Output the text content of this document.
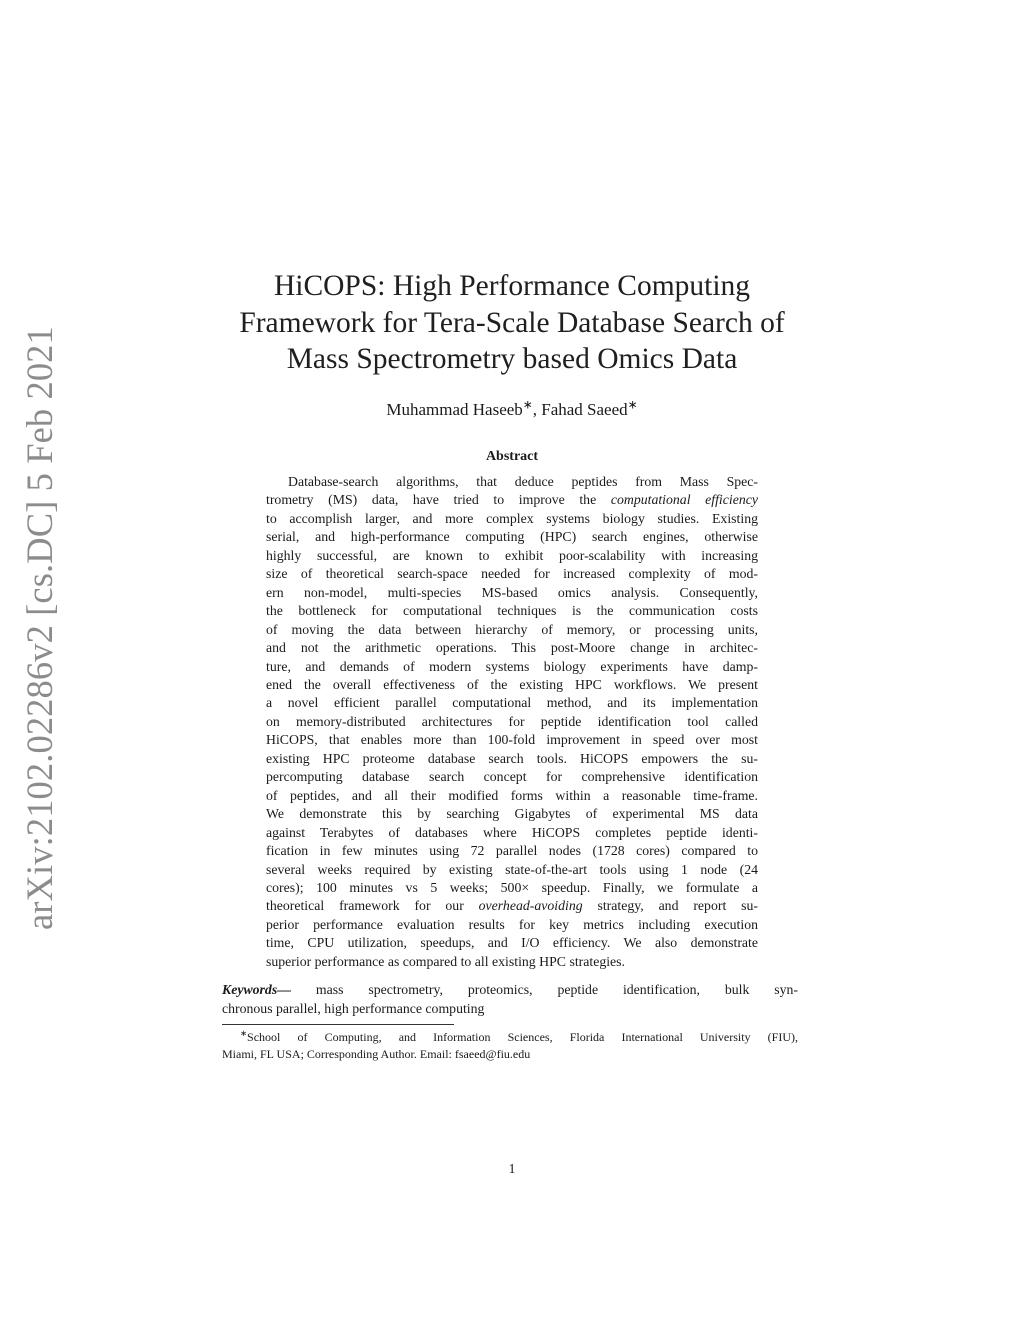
arXiv:2102.02286v2 [cs.DC] 5 Feb 2021
HiCOPS: High Performance Computing
Framework for Tera-Scale Database Search of
Mass Spectrometry based Omics Data
Muhammad Haseeb∗, Fahad Saeed∗
Abstract
Database-search algorithms, that deduce peptides from Mass Spec-
trometry (MS) data, have tried to improve the computational efficiency
to accomplish larger, and more complex systems biology studies. Existing
serial, and high-performance computing (HPC) search engines, otherwise
highly successful, are known to exhibit poor-scalability with increasing
size of theoretical search-space needed for increased complexity of mod-
ern non-model, multi-species MS-based omics analysis. Consequently,
the bottleneck for computational techniques is the communication costs
of moving the data between hierarchy of memory, or processing units,
and not the arithmetic operations. This post-Moore change in architec-
ture, and demands of modern systems biology experiments have damp-
ened the overall effectiveness of the existing HPC workflows. We present
a novel efficient parallel computational method, and its implementation
on memory-distributed architectures for peptide identification tool called
HiCOPS, that enables more than 100-fold improvement in speed over most
existing HPC proteome database search tools. HiCOPS empowers the su-
percomputing database search concept for comprehensive identification
of peptides, and all their modified forms within a reasonable time-frame.
We demonstrate this by searching Gigabytes of experimental MS data
against Terabytes of databases where HiCOPS completes peptide identi-
fication in few minutes using 72 parallel nodes (1728 cores) compared to
several weeks required by existing state-of-the-art tools using 1 node (24
cores); 100 minutes vs 5 weeks; 500× speedup. Finally, we formulate a
theoretical framework for our overhead-avoiding strategy, and report su-
perior performance evaluation results for key metrics including execution
time, CPU utilization, speedups, and I/O efficiency. We also demonstrate
superior performance as compared to all existing HPC strategies.
Keywords— mass spectrometry, proteomics, peptide identification, bulk syn-
chronous parallel, high performance computing
∗School of Computing, and Information Sciences, Florida International University (FIU),
Miami, FL USA; Corresponding Author. Email: fsaeed@fiu.edu
1
